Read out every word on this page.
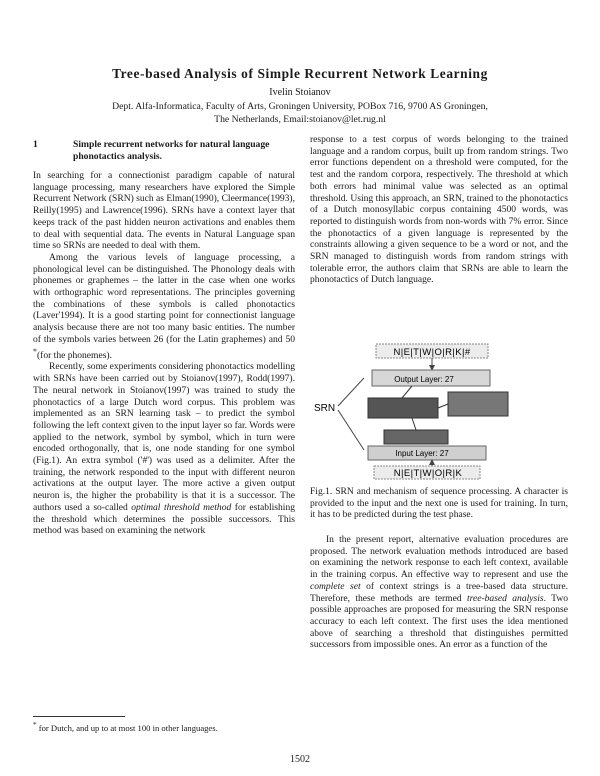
Tree-based Analysis of Simple Recurrent Network Learning
Ivelin Stoianov
Dept. Alfa-Informatica, Faculty of Arts, Groningen University, POBox 716, 9700 AS Groningen,
The Netherlands, Email:stoianov@let.rug.nl
1	Simple recurrent networks for natural language phonotactics analysis.

In searching for a connectionist paradigm capable of natural language processing, many researchers have explored the Simple Recurrent Network (SRN) such as Elman(1990), Cleermance(1993), Reilly(1995) and Lawrence(1996). SRNs have a context layer that keeps track of the past hidden neuron activations and enables them to deal with sequential data. The events in Natural Language span time so SRNs are needed to deal with them.

Among the various levels of language processing, a phonological level can be distinguished. The Phonology deals with phonemes or graphemes – the latter in the case when one works with orthographic word representations. The principles governing the combinations of these symbols is called phonotactics (Laver'1994). It is a good starting point for connectionist language analysis because there are not too many basic entities. The number of the symbols varies between 26 (for the Latin graphemes) and 50 *(for the phonemes).

Recently, some experiments considering phonotactics modelling with SRNs have been carried out by Stoianov(1997), Rodd(1997). The neural network in Stoianov(1997) was trained to study the phonotactics of a large Dutch word corpus. This problem was implemented as an SRN learning task – to predict the symbol following the left context given to the input layer so far. Words were applied to the network, symbol by symbol, which in turn were encoded orthogonally, that is, one node standing for one symbol (Fig.1). An extra symbol ('#') was used as a delimiter. After the training, the network responded to the input with different neuron activations at the output layer. The more active a given output neuron is, the higher the probability is that it is a successor. The authors used a so-called optimal threshold method for establishing the threshold which determines the possible successors. This method was based on examining the network

response to a test corpus of words belonging to the trained language and a random corpus, built up from random strings. Two error functions dependent on a threshold were computed, for the test and the random corpora, respectively. The threshold at which both errors had minimal value was selected as an optimal threshold. Using this approach, an SRN, trained to the phonotactics of a Dutch monosyllabic corpus containing 4500 words, was reported to distinguish words from non-words with 7% error. Since the phonotactics of a given language is represented by the constraints allowing a given sequence to be a word or not, and the SRN managed to distinguish words from random strings with tolerable error, the authors claim that SRNs are able to learn the phonotactics of Dutch language.

N|E|T|W|O|R|K|#
Output Layer: 27
SRN
Input Layer: 27
N|E|T|W|O|R|K
Fig.1. SRN and mechanism of sequence processing. A character is provided to the input and the next one is used for training. In turn, it has to be predicted during the test phase.

In the present report, alternative evaluation procedures are proposed. The network evaluation methods introduced are based on examining the network response to each left context, available in the training corpus. An effective way to represent and use the complete set of context strings is a tree-based data structure. Therefore, these methods are termed tree-based analysis. Two possible approaches are proposed for measuring the SRN response accuracy to each left context. The first uses the idea mentioned above of searching a threshold that distinguishes permitted successors from impossible ones. An error as a function of the

* for Dutch, and up to at most 100 in other languages.
1502
